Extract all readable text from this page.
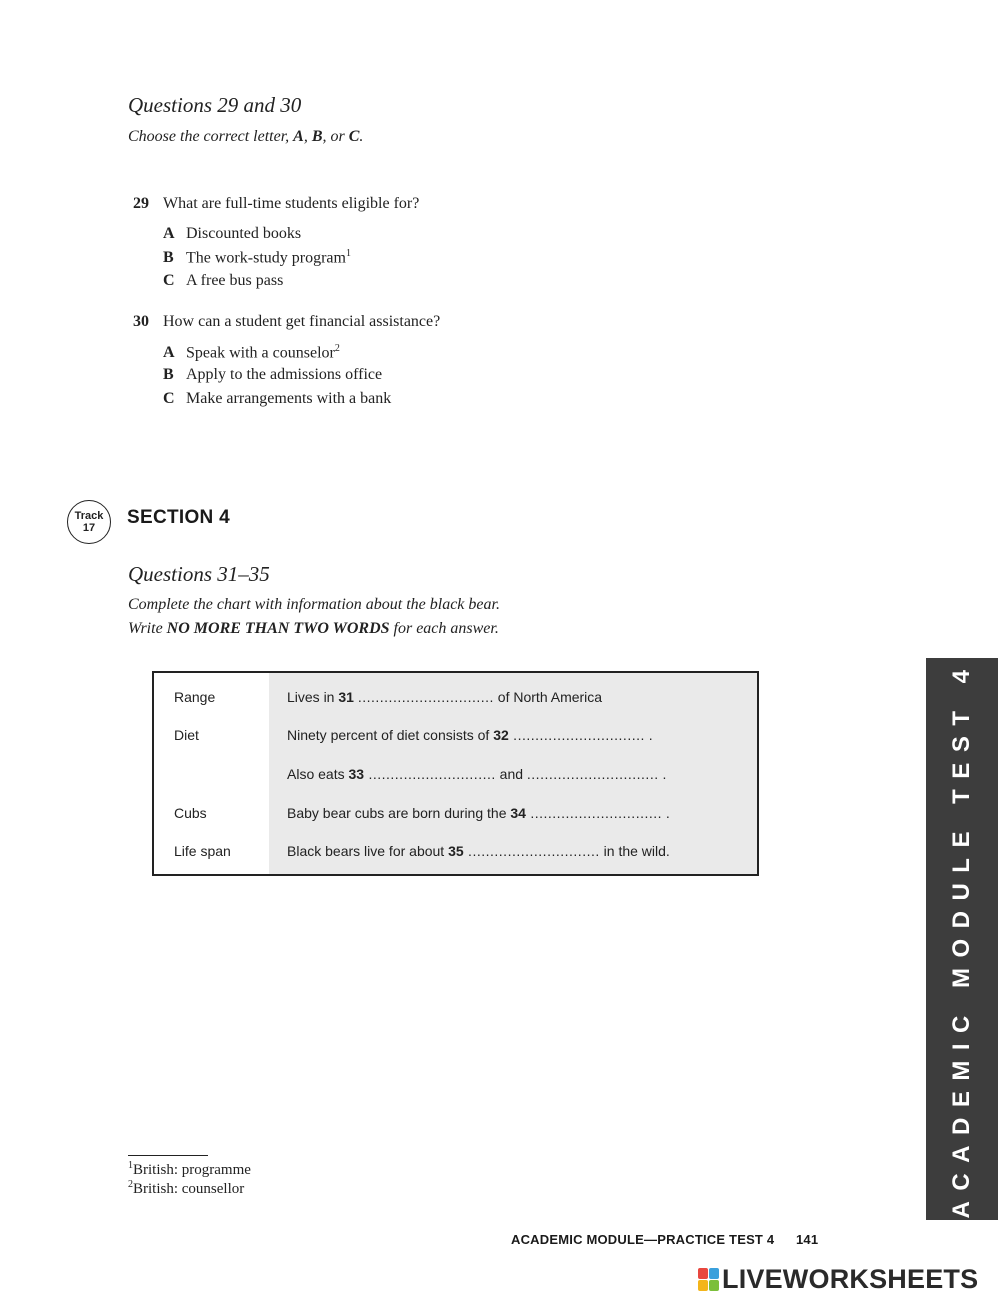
Questions 29 and 30
Choose the correct letter, A, B, or C.
29 What are full-time students eligible for?
A Discounted books
B The work-study program$^1$
C A free bus pass
30 How can a student get financial assistance?
A Speak with a counselor$^2$
B Apply to the admissions office
C Make arrangements with a bank
Track
17	SECTION 4
Questions 31–35
Complete the chart with information about the black bear.
Write NO MORE THAN TWO WORDS for each answer.
Range	Lives in 31 ............................... of North America
Diet	Ninety percent of diet consists of 32 .............................. .
Also eats 33 ............................. and .............................. .
Cubs	Baby bear cubs are born during the 34 .............................. .
Life span	Black bears live for about 35 .............................. in the wild.
$^1$British: programme
$^2$British: counsellor
ACADEMIC MODULE—PRACTICE TEST 4 141
ACADEMIC MODULE TEST 4
LIVEWORKSHEETS
